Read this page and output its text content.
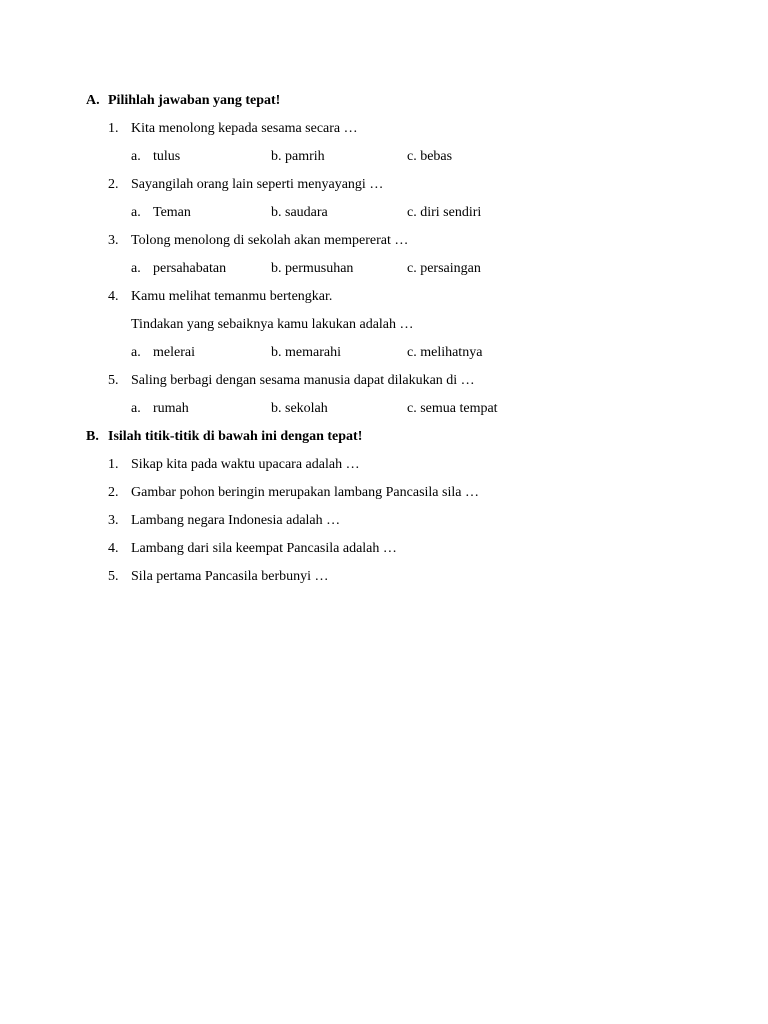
A. Pilihlah jawaban yang tepat!
1. Kita menolong kepada sesama secara …
a. tulus	b. pamrih	c. bebas
2. Sayangilah orang lain seperti menyayangi …
a. Teman	b. saudara	c. diri sendiri
3. Tolong menolong di sekolah akan mempererat …
a. persahabatan	b. permusuhan	c. persaingan
4. Kamu melihat temanmu bertengkar.
Tindakan yang sebaiknya kamu lakukan adalah …
a. melerai	b. memarahi	c. melihatnya
5. Saling berbagi dengan sesama manusia dapat dilakukan di …
a. rumah	b. sekolah	c. semua tempat
B. Isilah titik-titik di bawah ini dengan tepat!
1. Sikap kita pada waktu upacara adalah …
2. Gambar pohon beringin merupakan lambang Pancasila sila …
3. Lambang negara Indonesia adalah …
4. Lambang dari sila keempat Pancasila adalah …
5. Sila pertama Pancasila berbunyi …
